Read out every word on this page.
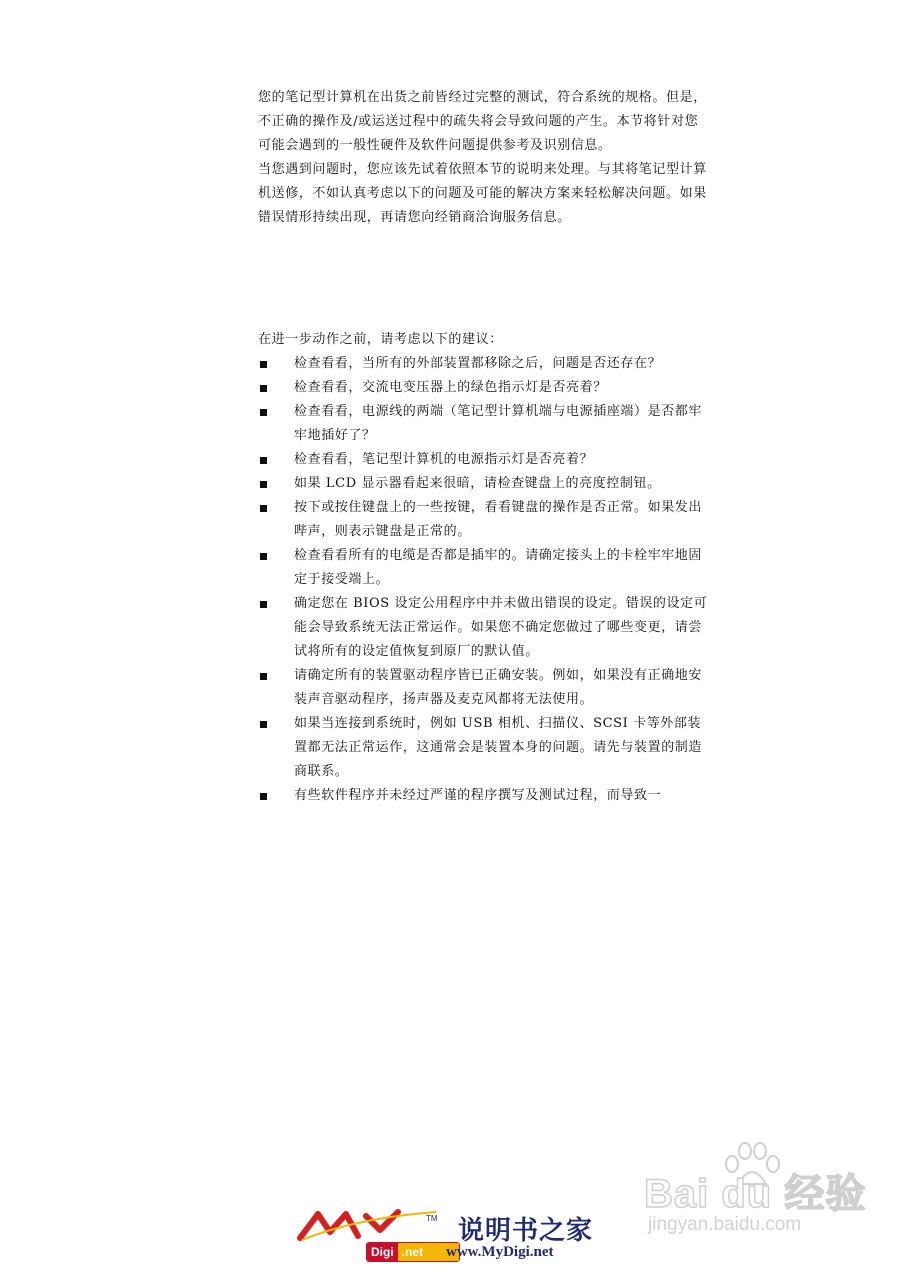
您的笔记型计算机在出货之前皆经过完整的测试，符合系统的规格。但是，不正确的操作及/或运送过程中的疏失将会导致问题的产生。本节将针对您可能会遇到的一般性硬件及软件问题提供参考及识别信息。

当您遇到问题时，您应该先试着依照本节的说明来处理。与其将笔记型计算机送修，不如认真考虑以下的问题及可能的解决方案来轻松解决问题。如果错误情形持续出现，再请您向经销商洽询服务信息。

在进一步动作之前，请考虑以下的建议：

检查看看，当所有的外部装置都移除之后，问题是否还存在？
检查看看，交流电变压器上的绿色指示灯是否亮着？
检查看看，电源线的两端（笔记型计算机端与电源插座端）是否都牢牢地插好了？
检查看看，笔记型计算机的电源指示灯是否亮着？
如果 LCD 显示器看起来很暗，请检查键盘上的亮度控制钮。
按下或按住键盘上的一些按键，看看键盘的操作是否正常。如果发出哔声，则表示键盘是正常的。
检查看看所有的电缆是否都是插牢的。请确定接头上的卡栓牢牢地固定于接受端上。
确定您在 BIOS 设定公用程序中并未做出错误的设定。错误的设定可能会导致系统无法正常运作。如果您不确定您做过了哪些变更，请尝试将所有的设定值恢复到原厂的默认值。
请确定所有的装置驱动程序皆已正确安装。例如，如果没有正确地安装声音驱动程序，扬声器及麦克风都将无法使用。
如果当连接到系统时，例如 USB 相机、扫描仪、SCSI 卡等外部装置都无法正常运作，这通常会是装置本身的问题。请先与装置的制造商联系。
有些软件程序并未经过严谨的程序撰写及测试过程，而导致一
Bai du 经验
jingyan.baidu.com
TM
Digi .net
说明书之家
www.MyDigi.net
